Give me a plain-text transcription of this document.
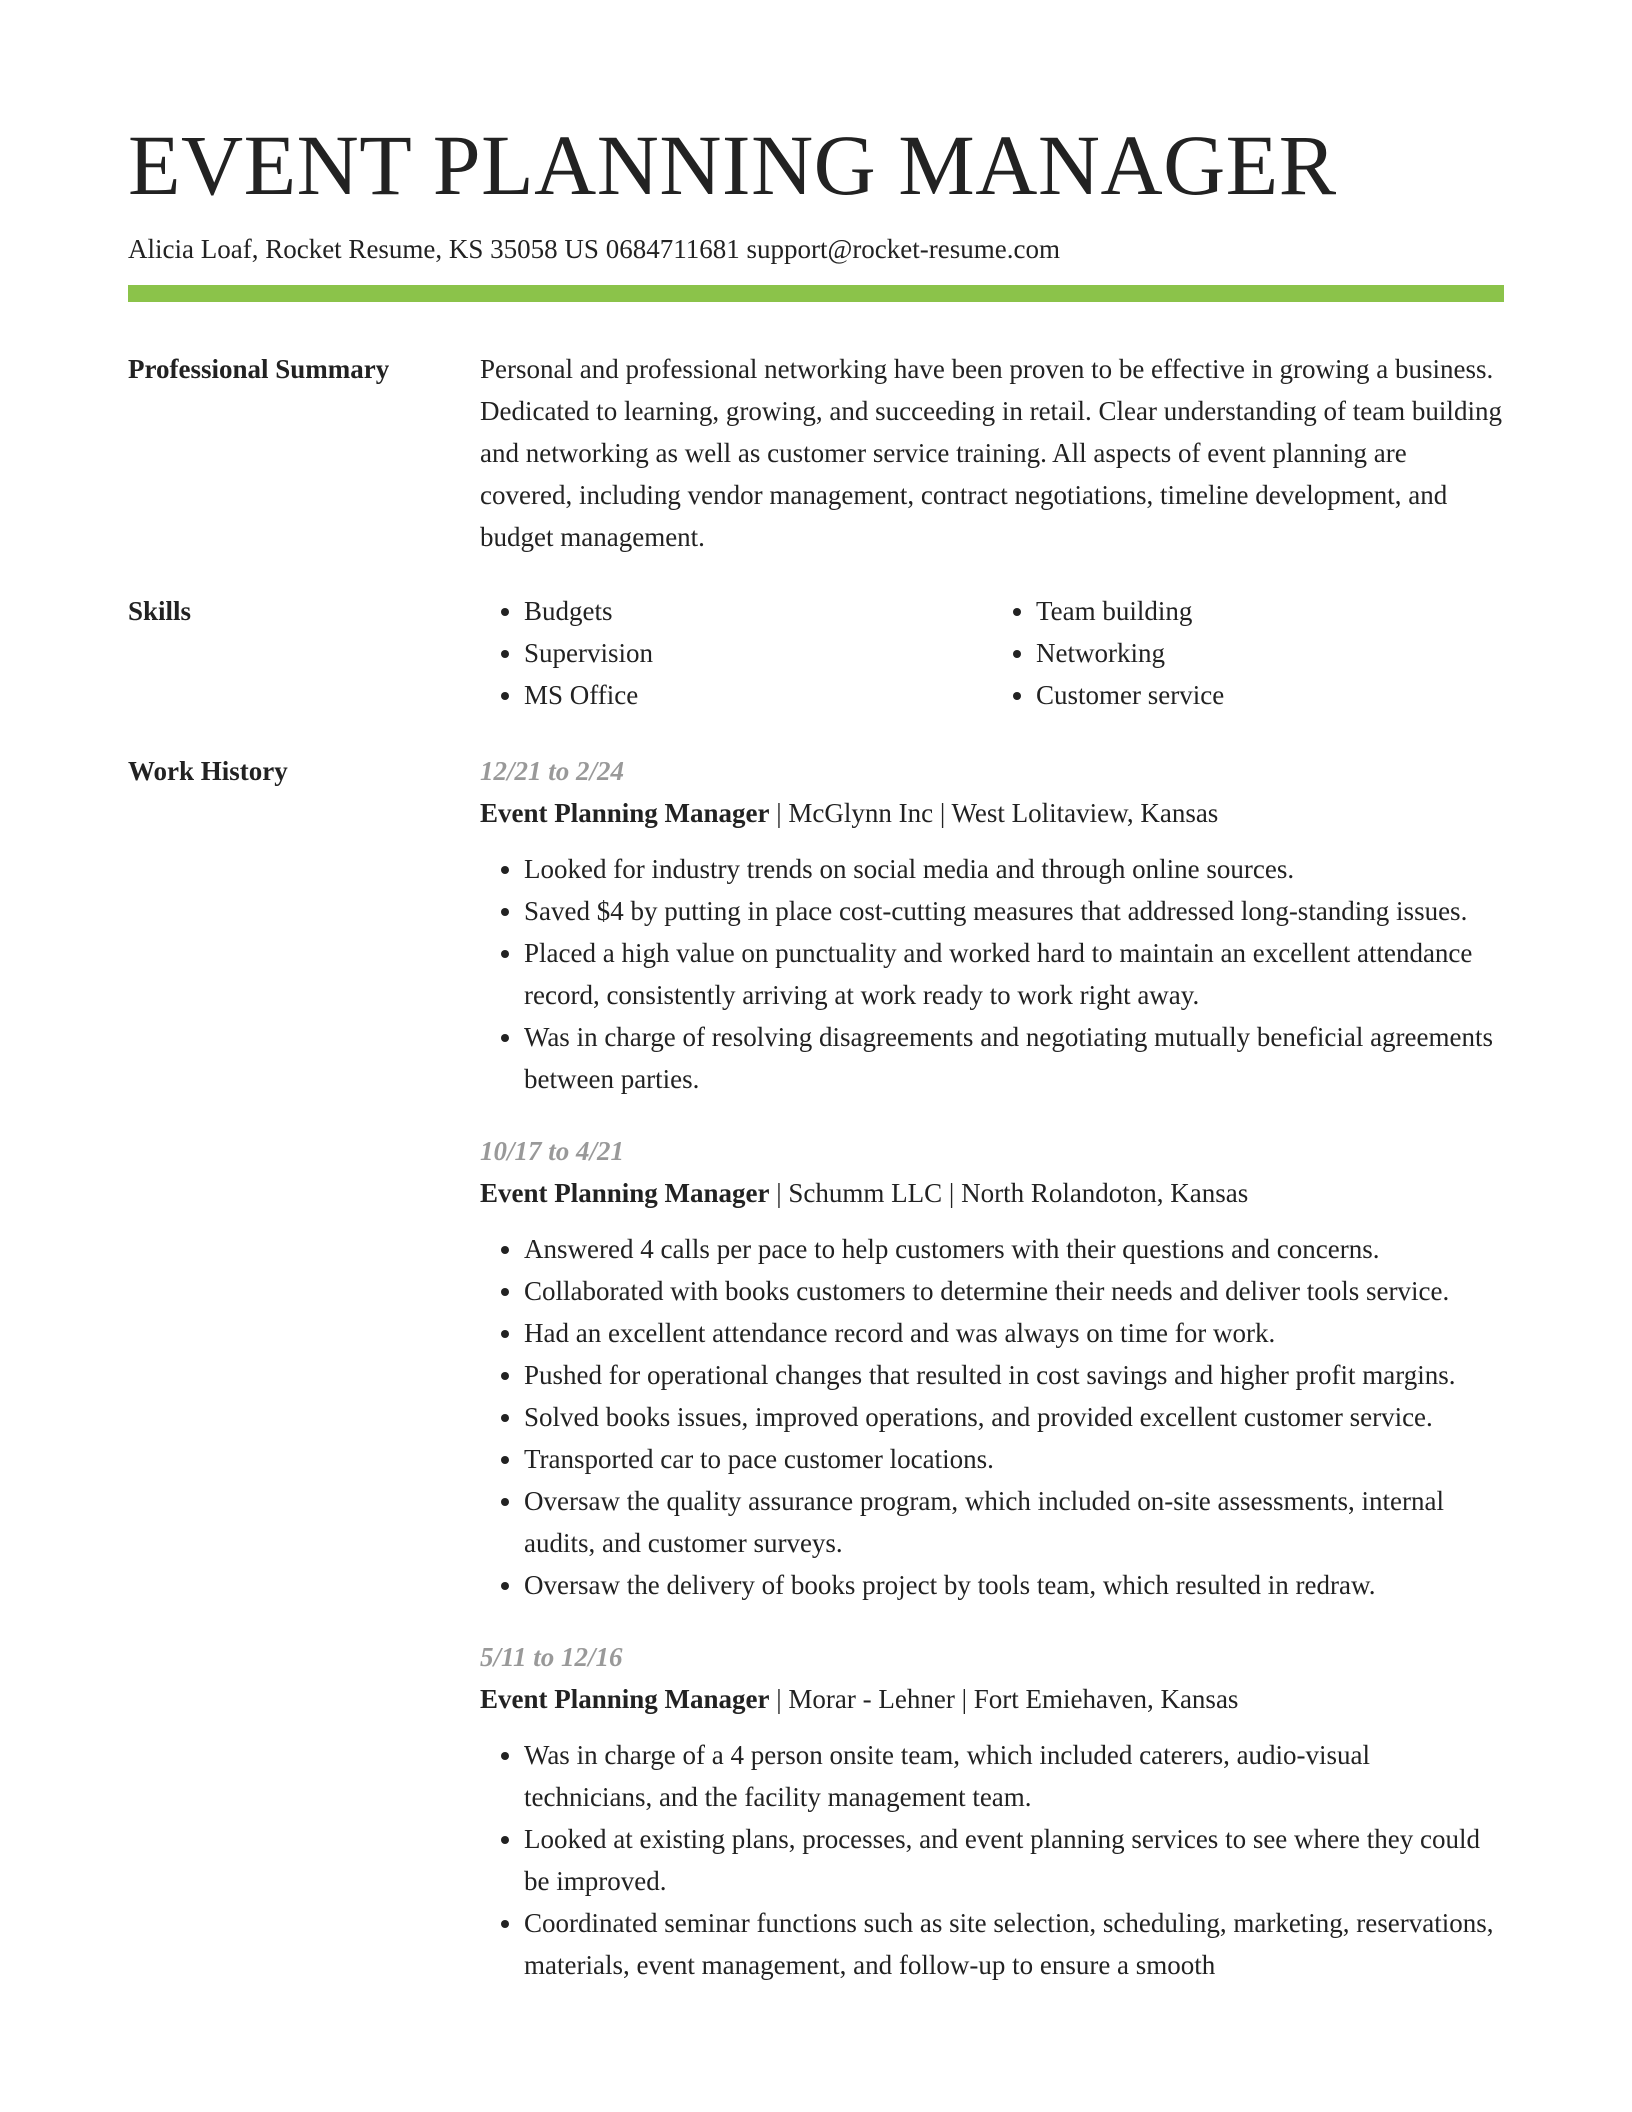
EVENT PLANNING MANAGER
Alicia Loaf, Rocket Resume, KS 35058 US 0684711681 support@rocket-resume.com
Professional Summary	Personal and professional networking have been proven to be effective in growing a business. Dedicated to learning, growing, and succeeding in retail. Clear understanding of team building and networking as well as customer service training. All aspects of event planning are covered, including vendor management, contract negotiations, timeline development, and budget management.

Skills
•	Budgets
• Supervision
• MS Office
• Team building
• Networking
• Customer service
Work History	12/21 to 2/24
Event Planning Manager | McGlynn Inc | West Lolitaview, Kansas
• Looked for industry trends on social media and through online sources.
• Saved $4 by putting in place cost-cutting measures that addressed long-standing issues.
• Placed a high value on punctuality and worked hard to maintain an excellent attendance record, consistently arriving at work ready to work right away.
• Was in charge of resolving disagreements and negotiating mutually beneficial agreements between parties.
10/17 to 4/21
Event Planning Manager | Schumm LLC | North Rolandoton, Kansas
• Answered 4 calls per pace to help customers with their questions and concerns.
• Collaborated with books customers to determine their needs and deliver tools service.
• Had an excellent attendance record and was always on time for work.
• Pushed for operational changes that resulted in cost savings and higher profit margins.
• Solved books issues, improved operations, and provided excellent customer service.
• Transported car to pace customer locations.
• Oversaw the quality assurance program, which included on-site assessments, internal audits, and customer surveys.
• Oversaw the delivery of books project by tools team, which resulted in redraw.
5/11 to 12/16
Event Planning Manager | Morar - Lehner | Fort Emiehaven, Kansas
• Was in charge of a 4 person onsite team, which included caterers, audio-visual technicians, and the facility management team.
• Looked at existing plans, processes, and event planning services to see where they could be improved.
• Coordinated seminar functions such as site selection, scheduling, marketing, reservations, materials, event management, and follow-up to ensure a smooth
